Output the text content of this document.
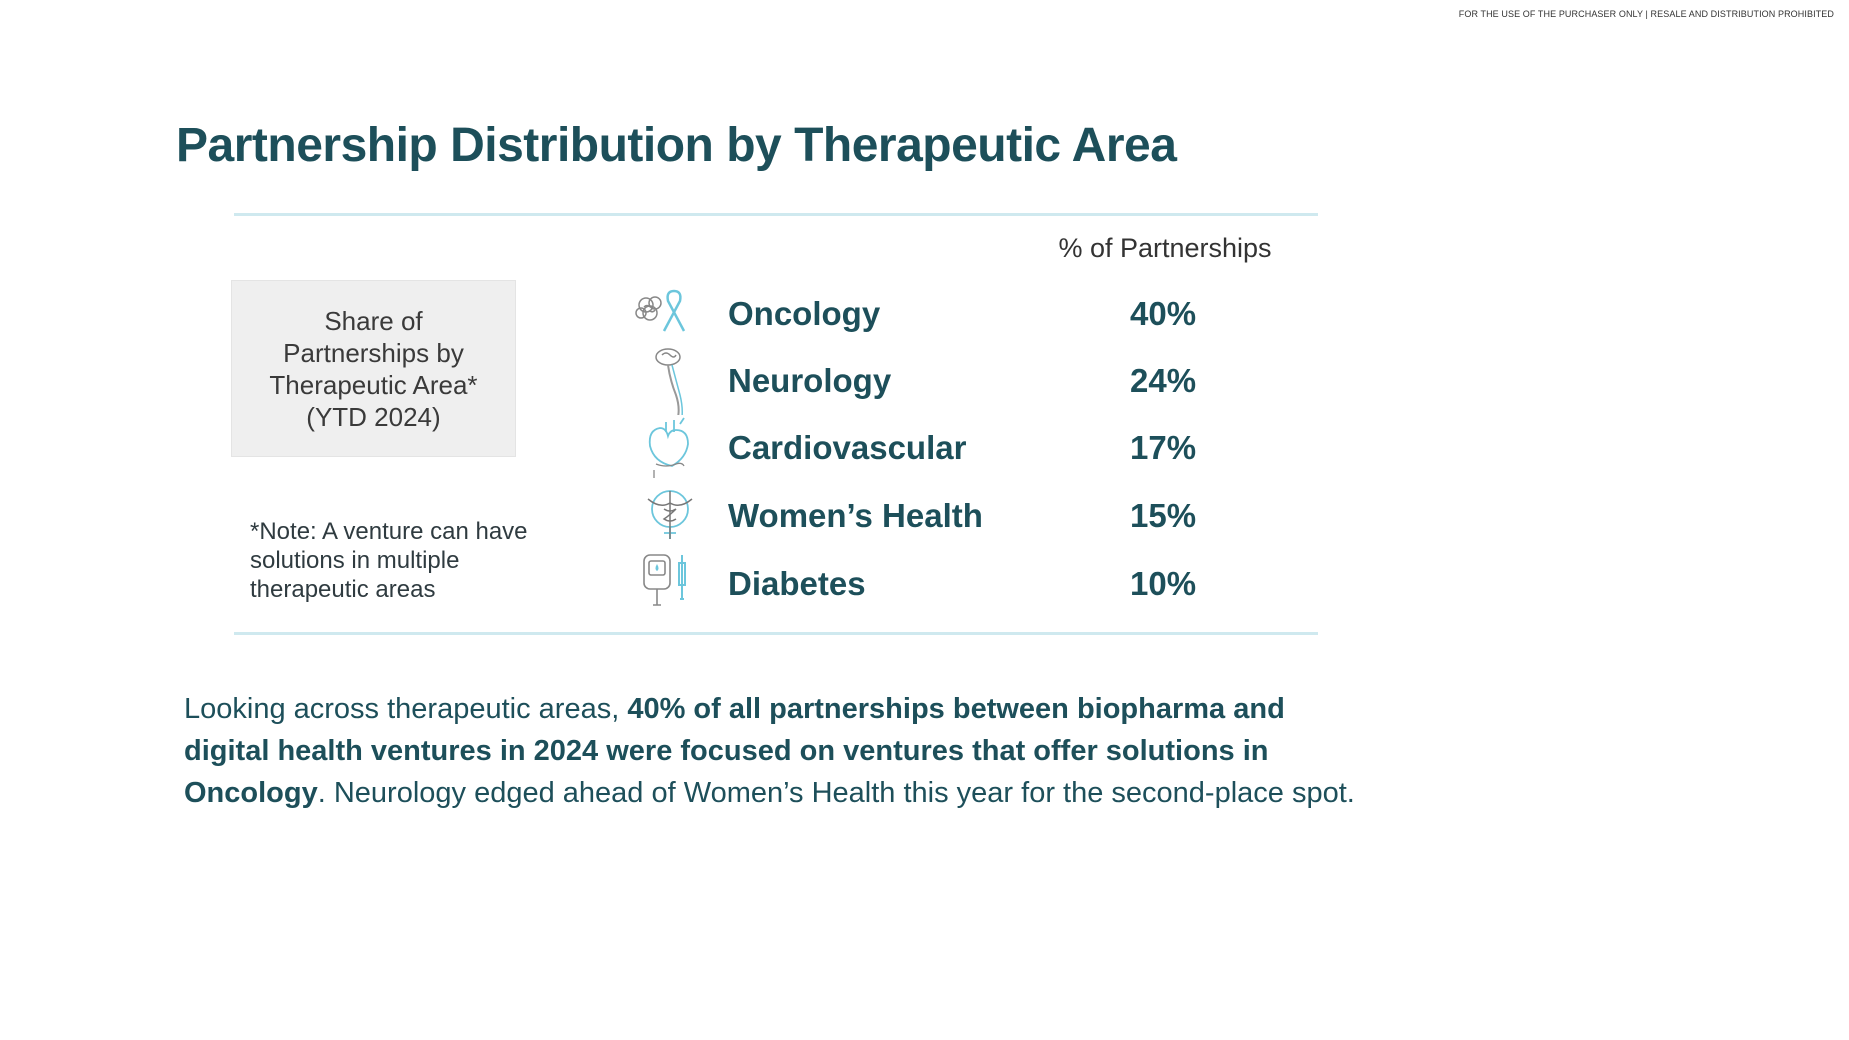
FOR THE USE OF THE PURCHASER ONLY | RESALE AND DISTRIBUTION PROHIBITED
Partnership Distribution by Therapeutic Area
% of Partnerships
Share of Partnerships by Therapeutic Area* (YTD 2024)
*Note: A venture can have solutions in multiple therapeutic areas
Oncology	40%
Neurology	24%
Cardiovascular	17%
Women’s Health	15%
Diabetes	10%

Looking across therapeutic areas, 40% of all partnerships between biopharma and digital health ventures in 2024 were focused on ventures that offer solutions in Oncology. Neurology edged ahead of Women’s Health this year for the second-place spot.
